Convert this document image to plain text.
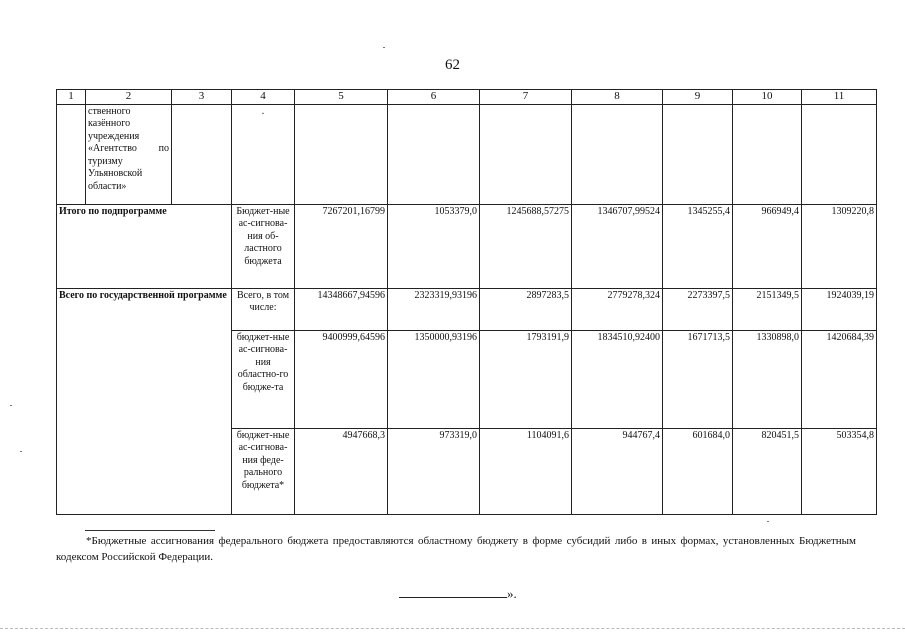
62
1	2	3	4	5	6	7	8	9	10	11
	ственного казённого учреждения «Агентство по туризму Ульяновской области»		.							

Итого по подпрограмме			Бюджет-ные ас-сигнова-ния об-ластного бюджета	7267201,16799	1053379,0	1245688,57275	1346707,99524	1345255,4	966949,4	1309220,8
Всего по государственной программе			Всего, в том числе:	14348667,94596	2323319,93196	2897283,5	2779278,324	2273397,5	2151349,5	1924039,19
			бюджет-ные ас-сигнова-ния областно-го бюдже-та	9400999,64596	1350000,93196	1793191,9	1834510,92400	1671713,5	1330898,0	1420684,39
			бюджет-ные ас-сигнова-ния феде-рального бюджета*	4947668,3	973319,0	1104091,6	944767,4	601684,0	820451,5	503354,8
*Бюджетные ассигнования федерального бюджета предоставляются областному бюджету в форме субсидий либо в иных формах, установленных Бюджетным кодексом Российской Федерации.
».
